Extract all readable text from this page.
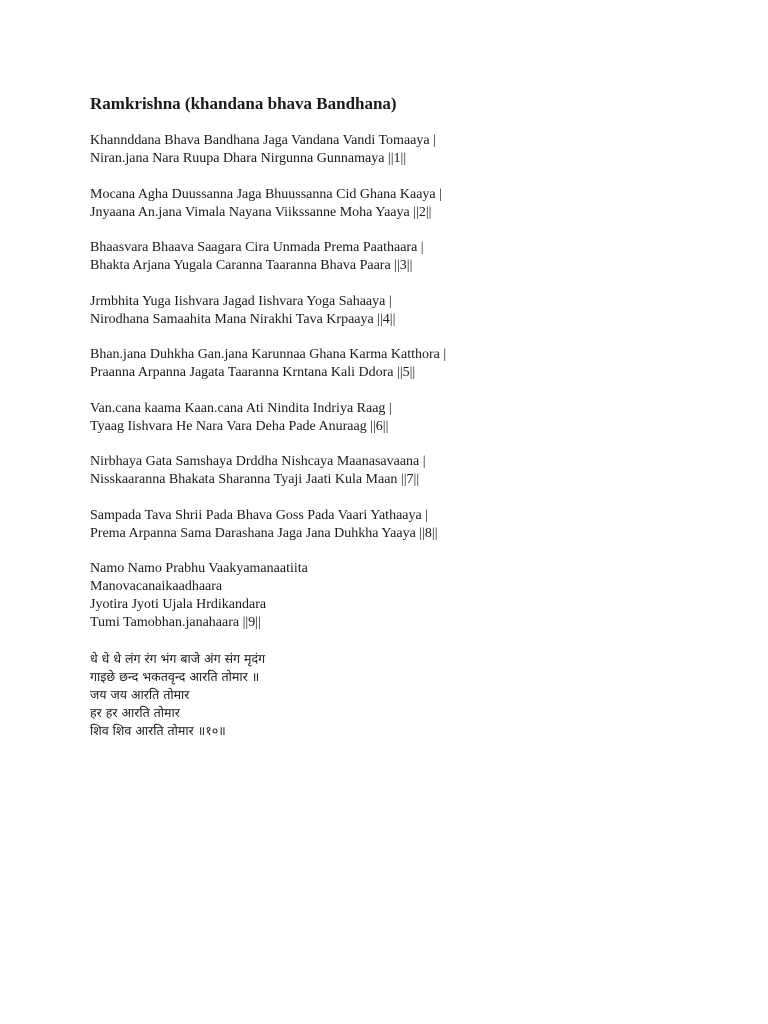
Ramkrishna (khandana bhava Bandhana)
Khannddana Bhava Bandhana Jaga Vandana Vandi Tomaaya |
Niran.jana Nara Ruupa Dhara Nirgunna Gunnamaya ||1||
Mocana Agha Duussanna Jaga Bhuussanna Cid Ghana Kaaya |
Jnyaana An.jana Vimala Nayana Viikssanne Moha Yaaya ||2||
Bhaasvara Bhaava Saagara Cira Unmada Prema Paathaara |
Bhakta Arjana Yugala Caranna Taaranna Bhava Paara ||3||
Jrmbhita Yuga Iishvara Jagad Iishvara Yoga Sahaaya |
Nirodhana Samaahita Mana Nirakhi Tava Krpaaya ||4||
Bhan.jana Duhkha Gan.jana Karunnaa Ghana Karma Katthora |
Praanna Arpanna Jagata Taaranna Krntana Kali Ddora ||5||
Van.cana kaama Kaan.cana Ati Nindita Indriya Raag |
Tyaag Iishvara He Nara Vara Deha Pade Anuraag ||6||
Nirbhaya Gata Samshaya Drddha Nishcaya Maanasavaana |
Nisskaaranna Bhakata Sharanna Tyaji Jaati Kula Maan ||7||
Sampada Tava Shrii Pada Bhava Goss Pada Vaari Yathaaya |
Prema Arpanna Sama Darashana Jaga Jana Duhkha Yaaya ||8||
Namo Namo Prabhu Vaakyamanaatiita
Manovacanaikaadhaara
Jyotira Jyoti Ujala Hrdikandara
Tumi Tamobhan.janahaara ||9||
धे धे धे लंग रंग भंग बाजे अंग संग मृदंग
गाइछे छन्द भकतवृन्द आरति तोमार ॥
जय जय आरति तोमार
हर हर आरति तोमार
शिव शिव आरति तोमार ॥१०॥
